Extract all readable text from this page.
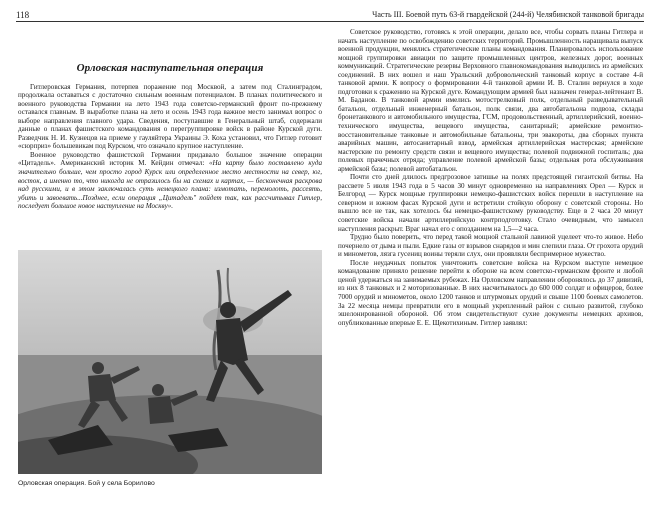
118	Часть III. Боевой путь 63-й гвардейской (244-й) Челябинской танковой бригады
Орловская наступательная операция

Гитлеровская Германия, потерпев поражение под Москвой, а затем под Сталинградом, продолжала оставаться с достаточно сильным военным потенциалом. В планах политического и военного руководства Германии на лето 1943 года советско-германский фронт по-прежнему оставался главным. В выработке плана на лето и осень 1943 года важное место занимал вопрос о выборе направления главного удара. Сведения, поступавшие в Генеральный штаб, содержали данные о планах фашистского командования о перегруппировке войск в районе Курской дуги. Разведчик Н. И. Кузнецов на приеме у гауляйтера Украины Э. Коха установил, что Гитлер готовит «сюрприз» большевикам под Курском, что означало крупное наступление.

Военное руководство фашистской Германии придавало большое значение операции «Цитадель». Американский историк М. Кейдин отмечал: «На карту было поставлено куда значительно больше, чем просто город Курск или определенное место местности на север, юг, восток, а именно то, что никогда не отразилось бы на схемах и картах, — бесконечная раскрова над русскими, и в этом заключалась суть немецкого плана: измотать, перемолоть, рассеять, убить и завоевать...Позднее, если операция „Цитадель" пойдет так, как рассчитывал Гитлер, последует большое новое наступление на Москву».

Орловская операция. Бой у села Борилово

Советское руководство, готовясь к этой операции, делало все, чтобы сорвать планы Гитлера и начать наступление по освобождению советских территорий. Промышленность наращивала выпуск военной продукции, менялись стратегические планы командования. Планировалось использование мощной группировки авиации по защите промышленных центров, железных дорог, военных коммуникаций. Стратегические резервы Верховного главнокомандования выводились из армейских соединений. В них вошел и наш Уральский добровольческий танковый корпус в составе 4-й танковой армии. К вопросу о формировании 4-й танковой армии И. В. Сталин вернулся в ходе подготовки к сражению на Курской дуге. Командующим армией был назначен генерал-лейтенант В. М. Баданов. В танковой армии имелись мотострелковый полк, отдельный разведывательный батальон, отдельный инженерный батальон, полк связи, два автобатальона подвоза, склады бронетанкового и автомобильного имущества, ГСМ, продовольственный, артиллерийский, военно-технического имущества, вещевого имущества, санитарный; армейские ремонтно-восстановительные танковые и автомобильные батальоны, три эвакороты, два сборных пункта аварийных машин, автосанитарный взвод, армейская артиллерийская мастерская; армейские мастерские по ремонту средств связи и вещевого имущества; полевой подвижной госпиталь; два полевых прачечных отряда; управление полевой армейской базы; отдельная рота обслуживания армейской базы; полевой автобатальон.

Почти сто дней длилось предгрозовое затишье на полях предстоящей гигантской битвы. На рассвете 5 июля 1943 года в 5 часов 30 минут одновременно на направлениях Орел — Курск и Белгород — Курск мощные группировки немецко-фашистских войск перешли в наступление на северном и южном фасах Курской дуги и встретили стойкую оборону с советской стороны. Но вышло все не так, как хотелось бы немецко-фашистскому руководству. Еще в 2 часа 20 минут советские войска начали артиллерийскую контрподготовку. Стало очевидным, что замысел наступления раскрыт. Враг начал его с опозданием на 1,5—2 часа.

Трудно было поверить, что перед такой мощной стальной лавиной уцелеет что-то живое. Небо почернело от дыма и пыли. Едкие газы от взрывов снарядов и мин слепили глаза. От грохота орудий и минометов, лязга гусениц воины теряли слух, они проявляли беспримерное мужество.

После неудачных попыток уничтожить советские войска на Курском выступе немецкое командование приняло решение перейти к обороне на всем советско-германском фронте и любой ценой удержаться на занимаемых рубежах. На Орловском направлении оборонялось до 37 дивизий, из них 8 танковых и 2 моторизованные. В них насчитывалось до 600 000 солдат и офицеров, более 7000 орудий и минометов, около 1200 танков и штурмовых орудий и свыше 1100 боевых самолетов. За 22 месяца немцы превратили его в мощный укрепленный район с сильно развитой, глубоко эшелонированной обороной. Об этом свидетельствуют сухие документы немецких архивов, опубликованные впервые Е. Е. Щекотихиным. Гитлер заявлял:
